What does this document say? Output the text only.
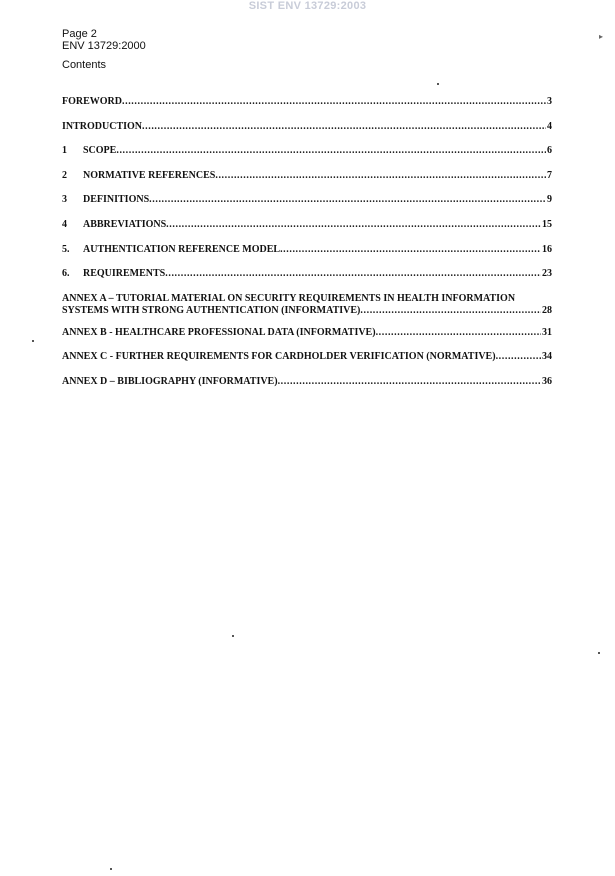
SIST ENV 13729:2003
▸
Page 2
ENV 13729:2000
Contents
FOREWORD .....	3
INTRODUCTION .....	4
1	SCOPE .....	6
2	NORMATIVE REFERENCES .....	7
3	DEFINITIONS .....	9
4	ABBREVIATIONS .....	15
5.	AUTHENTICATION REFERENCE MODEL .....	16
6.	REQUIREMENTS .....	23
ANNEX A – TUTORIAL MATERIAL ON SECURITY REQUIREMENTS IN HEALTH INFORMATION
SYSTEMS WITH STRONG AUTHENTICATION (INFORMATIVE) .....	28
ANNEX B - HEALTHCARE PROFESSIONAL DATA (INFORMATIVE) .....	31
ANNEX C - FURTHER REQUIREMENTS FOR CARDHOLDER VERIFICATION (NORMATIVE) .....	34
ANNEX D – BIBLIOGRAPHY (INFORMATIVE) .....	36
